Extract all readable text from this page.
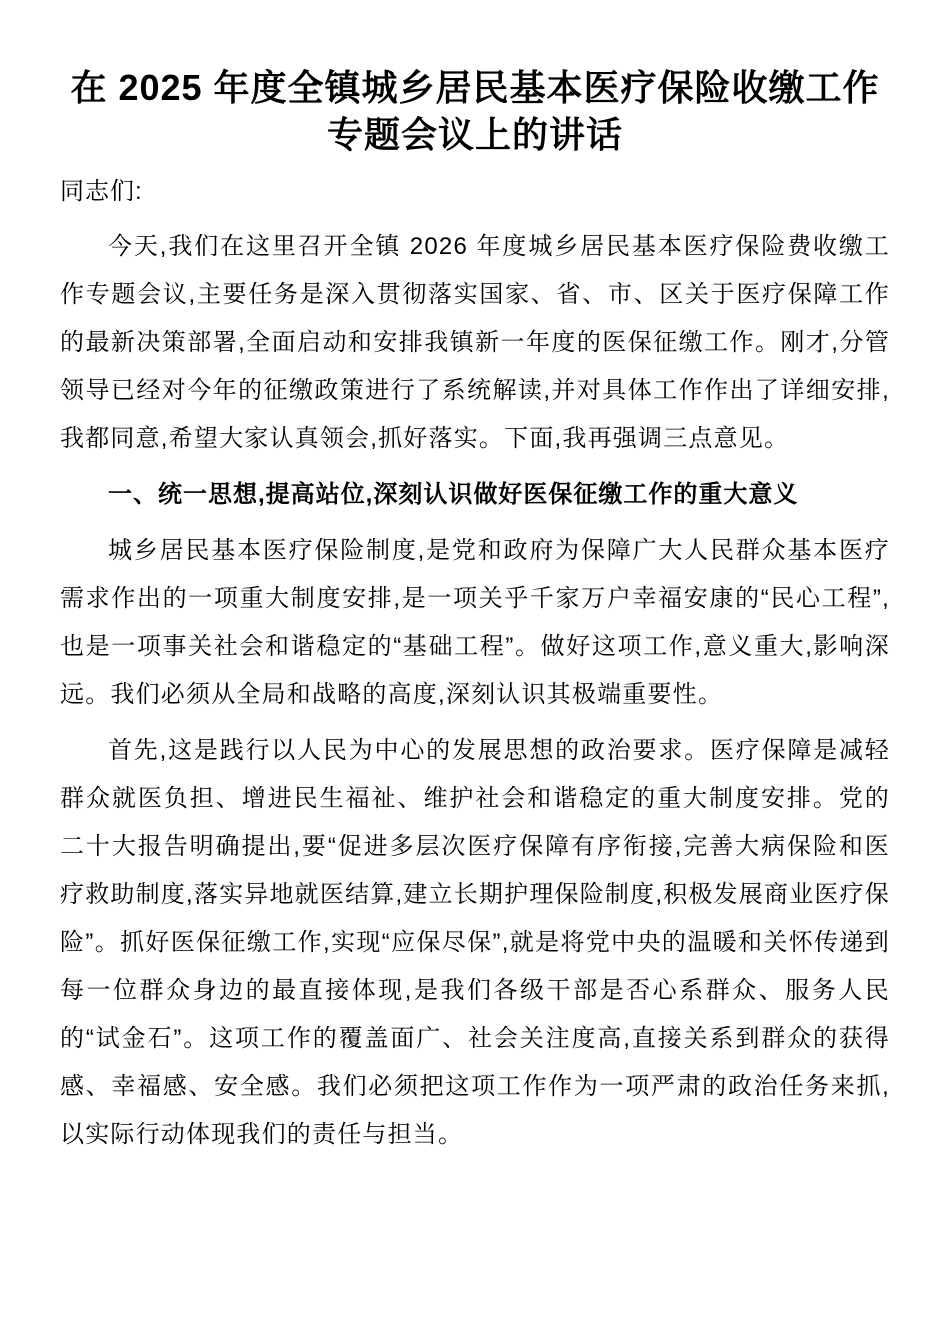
在 2025 年度全镇城乡居民基本医疗保险收缴工作专题会议上的讲话

同志们:

今天,我们在这里召开全镇 2026 年度城乡居民基本医疗保险费收缴工作专题会议,主要任务是深入贯彻落实国家、省、市、区关于医疗保障工作的最新决策部署,全面启动和安排我镇新一年度的医保征缴工作。刚才,分管领导已经对今年的征缴政策进行了系统解读,并对具体工作作出了详细安排,我都同意,希望大家认真领会,抓好落实。下面,我再强调三点意见。

一、统一思想,提高站位,深刻认识做好医保征缴工作的重大意义

城乡居民基本医疗保险制度,是党和政府为保障广大人民群众基本医疗需求作出的一项重大制度安排,是一项关乎千家万户幸福安康的“民心工程”,也是一项事关社会和谐稳定的“基础工程”。做好这项工作,意义重大,影响深远。我们必须从全局和战略的高度,深刻认识其极端重要性。

首先,这是践行以人民为中心的发展思想的政治要求。医疗保障是减轻群众就医负担、增进民生福祉、维护社会和谐稳定的重大制度安排。党的二十大报告明确提出,要“促进多层次医疗保障有序衔接,完善大病保险和医疗救助制度,落实异地就医结算,建立长期护理保险制度,积极发展商业医疗保险”。抓好医保征缴工作,实现“应保尽保”,就是将党中央的温暖和关怀传递到每一位群众身边的最直接体现,是我们各级干部是否心系群众、服务人民的“试金石”。这项工作的覆盖面广、社会关注度高,直接关系到群众的获得感、幸福感、安全感。我们必须把这项工作作为一项严肃的政治任务来抓,以实际行动体现我们的责任与担当。
